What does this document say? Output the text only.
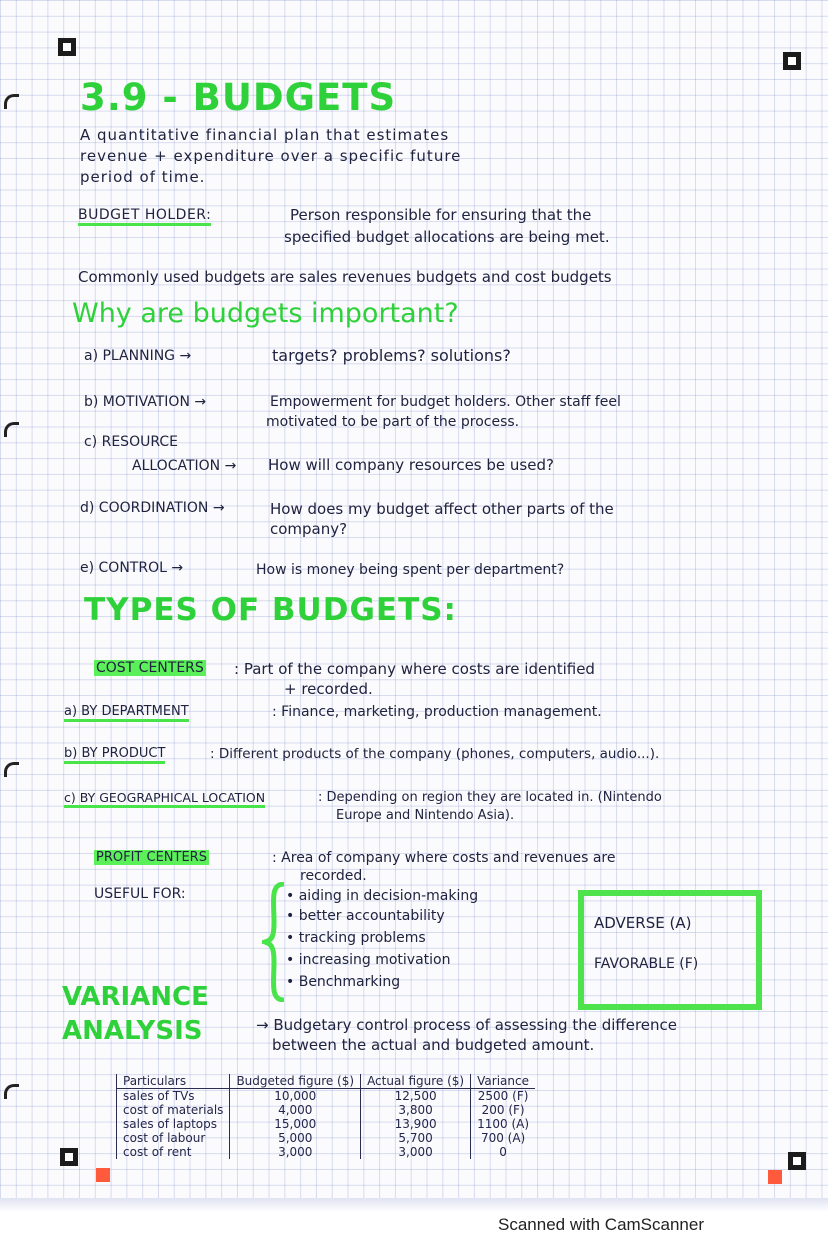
3.9 - BUDGETS
A quantitative financial plan that estimates
revenue + expenditure over a specific future
period of time.
BUDGET HOLDER:	Person responsible for ensuring that the
specified budget allocations are being met.
Commonly used budgets are sales revenues budgets and cost budgets
Why are budgets important?
a) PLANNING →	targets? problems? solutions?
b) MOTIVATION →	Empowerment for budget holders. Other staff feel
motivated to be part of the process.
c) RESOURCE
ALLOCATION → How will company resources be used?
d) COORDINATION →	How does my budget affect other parts of the
company?
e) CONTROL →	How is money being spent per department?
TYPES OF BUDGETS:
COST CENTERS : Part of the company where costs are identified
+ recorded.
a) BY DEPARTMENT	: Finance, marketing, production management.
b) BY PRODUCT	: Different products of the company (phones, computers, audio...).
c) BY GEOGRAPHICAL LOCATION	: Depending on region they are located in. (Nintendo
Europe and Nintendo Asia).
PROFIT CENTERS	: Area of company where costs and revenues are
recorded.
USEFUL FOR:	• aiding in decision-making
• better accountability
• tracking problems
• increasing motivation
• Benchmarking
ADVERSE (A)
FAVORABLE (F)
VARIANCE
ANALYSIS	→ Budgetary control process of assessing the difference
between the actual and budgeted amount.
Particulars	Budgeted figure ($)	Actual figure ($)	Variance
sales of TVs	10,000	12,500	2500 (F)
cost of materials	4,000	3,800	200 (F)
sales of laptops	15,000	13,900	1100 (A)
cost of labour	5,000	5,700	700 (A)
cost of rent	3,000	3,000	0
Scanned with CamScanner
